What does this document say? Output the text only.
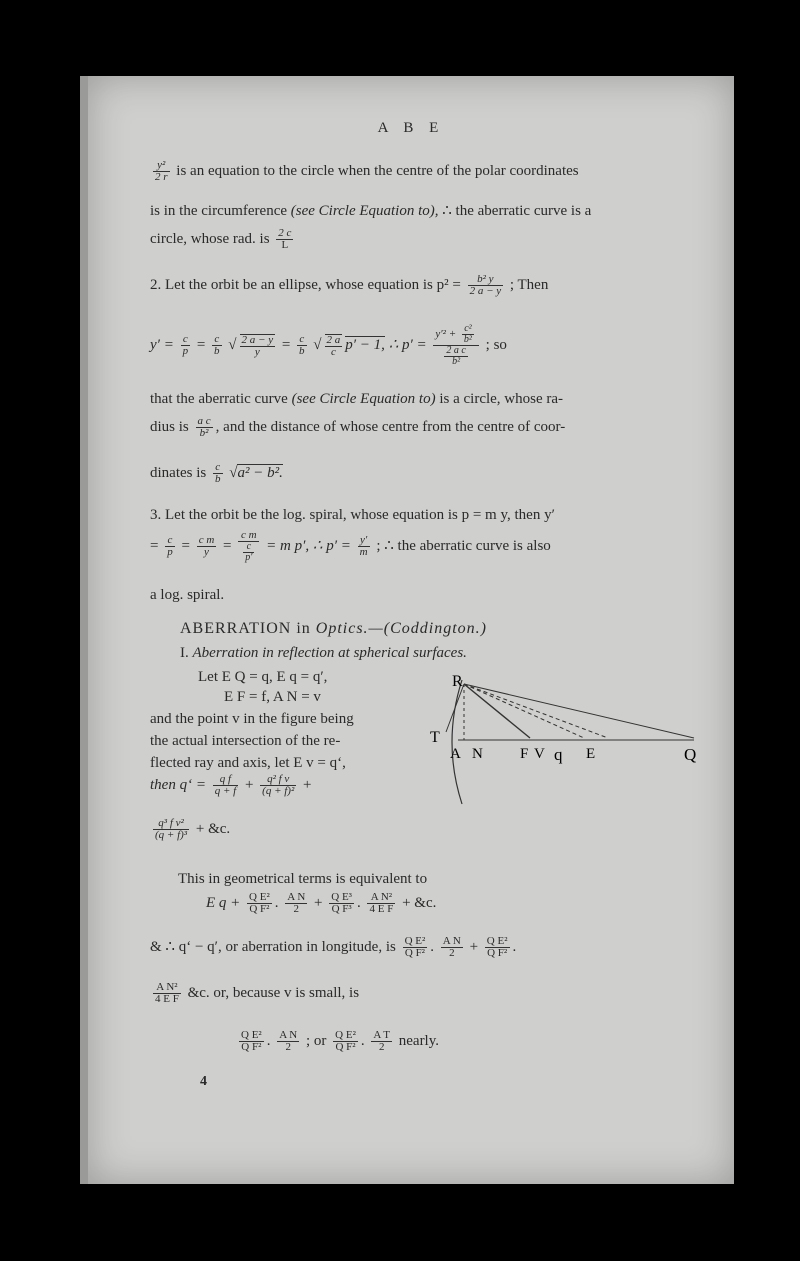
A B E
$\frac{\text{y²}}{2 r}$ is an equation to the circle when the centre of the polar coordinates
is in the circumference (see Circle Equation to), ∴ the aberratic curve is a
circle, whose rad. is $\frac{2 c}{L}$
2. Let the orbit be an ellipse, whose equation is $p^2 = \frac{\text{b² y}}{2 a - y}$ ; Then
$y' = \frac{c}{p} = \frac{c}{b}$ √ $\frac{2 a - y}{y} = \frac{c}{b}$ √ $\frac{2 a}{c} p' - 1$, ∴ $p' = \frac{y'^2 + \frac{\text{c²}}{\text{b²}}}{\frac{\text{2 a c}}{\text{b²}}}$ ; so
that the aberratic curve (see Circle Equation to) is a circle, whose ra-
dius is $\frac{\text{a c}}{\text{b²}}$ , and the distance of whose centre from the centre of coor-
dinates is $\frac{c}{b} √a^2 - b^2$.
3. Let the orbit be the log. spiral, whose equation is p = m y, then y′
= $\frac{c}{p} = \frac{\text{c m}}{y} = \frac{\text{c m}}{\frac{c}{p'}} = m$ p′, ∴ $p' = \frac{y'}{m}$ ; ∴ the aberratic curve is also
a log. spiral.
ABERRATION in Optics.—(Coddington.)
I. Aberration in reflection at spherical surfaces.
Let E Q = q, E q = q′,
E F = f, A N = v
and the point v in the figure being
the actual intersection of the re-
flected ray and axis, let E v = q‘,
then q‘ = $\frac{\text{q f}}{q + f} + \frac{\text{q² f v}}{\text{(q + f)²}}$ +
$\frac{\text{q³ f v²}}{\text{(q + f)³}}$ + &c.
This in geometrical terms is equivalent to
E $q + \frac{\text{Q E²}}{\text{Q F²}}$ . $\frac{\text{A N}}{2} + \frac{\text{Q E³}}{\text{Q F³}}$ . $\frac{\text{A N²}}{\text{4 E F}}$ + &c.
& ∴ q‘ − q′, or aberration in longitude, is $\frac{\text{Q E²}}{\text{Q F²}}$ . $\frac{\text{A N}}{2} + \frac{\text{Q E²}}{\text{Q F²}}$ .
$\frac{\text{A N²}}{\text{4 E F}}$ &c. or, because v is small, is
$\frac{\text{Q E²}}{\text{Q F²}}$ . $\frac{\text{A N}}{2}$ ; or $\frac{\text{Q E²}}{\text{Q F²}}$ . $\frac{\text{A T}}{2}$ nearly.
4
R
T
A N F V q E	Q
